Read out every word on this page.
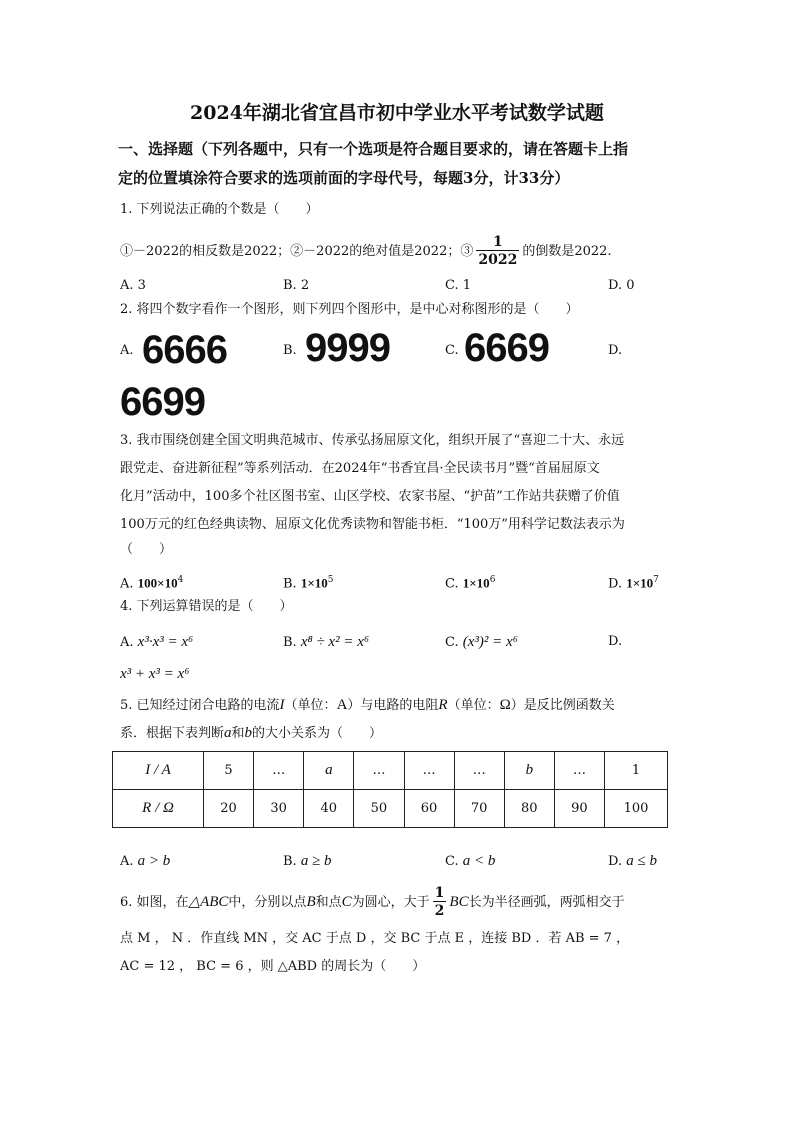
2024年湖北省宜昌市初中学业水平考试数学试题
一、选择题（下列各题中，只有一个选项是符合题目要求的，请在答题卡上指
定的位置填涂符合要求的选项前面的字母代号，每题3分，计33分）
1. 下列说法正确的个数是（　　）
①－2022的相反数是2022；②－2022的绝对值是2022；③ $\frac{1}{2022}$ 的倒数是2022.
A. 3	B. 2	C. 1	D. 0
2. 将四个数字看作一个图形，则下列四个图形中，是中心对称图形的是（　　）
A. 6666	B. 9999	C. 6669	D.
6699
3. 我市围绕创建全国文明典范城市、传承弘扬屈原文化，组织开展了“喜迎二十大、永远
跟党走、奋进新征程”等系列活动．在2024年“书香宜昌·全民读书月”暨“首届屈原文
化月”活动中，100多个社区图书室、山区学校、农家书屋、“护苗”工作站共获赠了价值
100万元的红色经典读物、屈原文化优秀读物和智能书柜．“100万”用科学记数法表示为
（　　）
A. $100\times 10^4$	B. $1\times 10^5$	C. $1\times 10^6$	D. $1\times 10^7$
4. 下列运算错误的是（　　）
A. x³·x³ = x⁶	B. x⁸ ÷ x² = x⁶	C. (x³)² = x⁶	D.
x³ + x³ = x⁶
5. 已知经过闭合电路的电流I（单位：A）与电路的电阻R（单位：Ω）是反比例函数关
系．根据下表判断a和b的大小关系为（　　）
I / A	5	…	a	…	…	…	b	…	1
R / Ω	20	30	40	50	60	70	80	90	100
A. a > b	B. a ≥ b	C. a < b	D. a ≤ b
6. 如图，在△ABC中，分别以点B和点C为圆心，大于 $\frac{1}{2}$ BC长为半径画弧，两弧相交于
点 M ， N ．作直线 MN ，交 AC 于点 D ，交 BC 于点 E ，连接 BD ．若 AB = 7 ，
AC = 12 ， BC = 6 ，则 △ABD 的周长为（　　）
